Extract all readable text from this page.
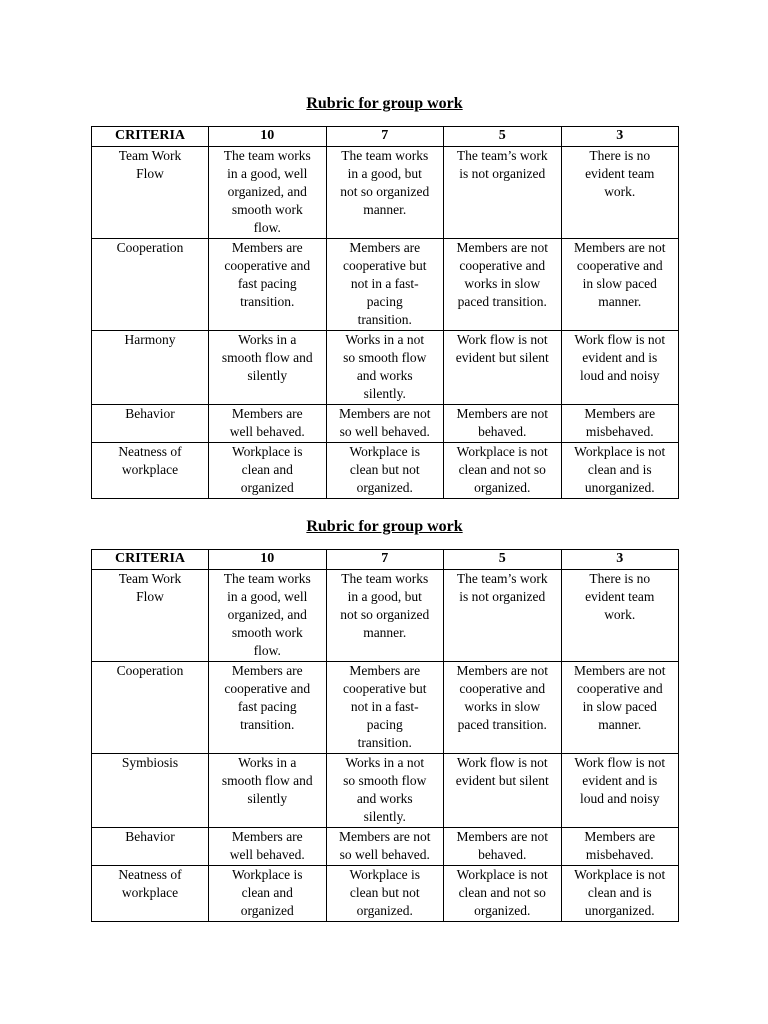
Rubric for group work
CRITERIA	10	7	5	3

Team Work
Flow	The team works
in a good, well
organized, and
smooth work
flow.	The team works
in a good, but
not so organized
manner.	The team’s work
is not organized	There is no
evident team
work.

Cooperation	Members are
cooperative and
fast pacing
transition.	Members are
cooperative but
not in a fast-
pacing
transition.	Members are not
cooperative and
works in slow
paced transition.	Members are not
cooperative and
in slow paced
manner.

Harmony	Works in a
smooth flow and
silently	Works in a not
so smooth flow
and works
silently.	Work flow is not
evident but silent	Work flow is not
evident and is
loud and noisy

Behavior	Members are
well behaved.	Members are not
so well behaved.	Members are not
behaved.	Members are
misbehaved.

Neatness of
workplace	Workplace is
clean and
organized	Workplace is
clean but not
organized.	Workplace is not
clean and not so
organized.	Workplace is not
clean and is
unorganized.
Rubric for group work
CRITERIA	10	7	5	3

Team Work
Flow	The team works
in a good, well
organized, and
smooth work
flow.	The team works
in a good, but
not so organized
manner.	The team’s work
is not organized	There is no
evident team
work.

Cooperation	Members are
cooperative and
fast pacing
transition.	Members are
cooperative but
not in a fast-
pacing
transition.	Members are not
cooperative and
works in slow
paced transition.	Members are not
cooperative and
in slow paced
manner.

Symbiosis	Works in a
smooth flow and
silently	Works in a not
so smooth flow
and works
silently.	Work flow is not
evident but silent	Work flow is not
evident and is
loud and noisy

Behavior	Members are
well behaved.	Members are not
so well behaved.	Members are not
behaved.	Members are
misbehaved.

Neatness of
workplace	Workplace is
clean and
organized	Workplace is
clean but not
organized.	Workplace is not
clean and not so
organized.	Workplace is not
clean and is
unorganized.
